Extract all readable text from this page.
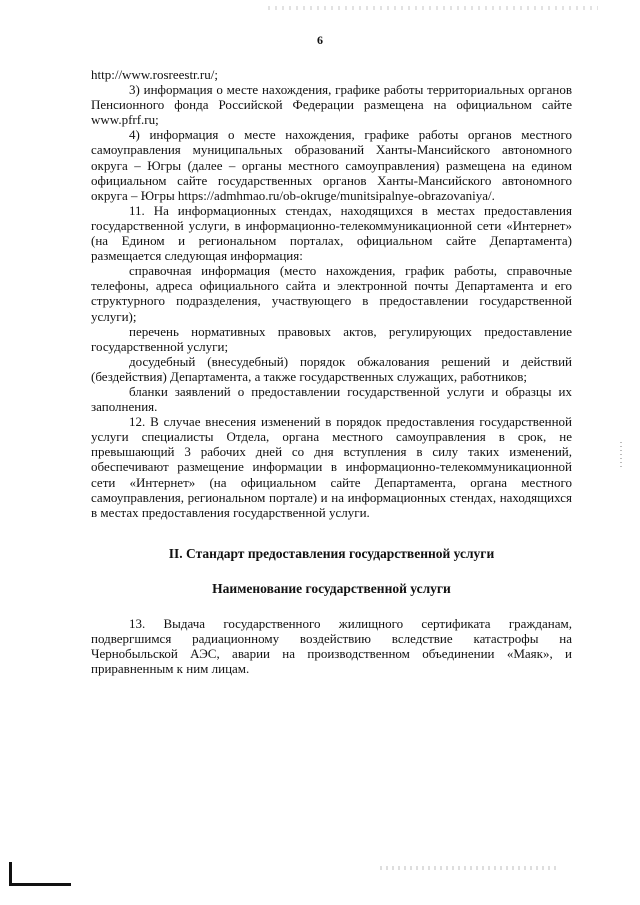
6

http://www.rosreestr.ru/;

3) информация о месте нахождения, графике работы территориальных органов Пенсионного фонда Российской Федерации размещена на официальном сайте www.pfrf.ru;

4) информация о месте нахождения, графике работы органов местного самоуправления муниципальных образований Ханты-Мансийского автономного округа – Югры (далее – органы местного самоуправления) размещена на едином официальном сайте государственных органов Ханты-Мансийского автономного округа – Югры https://admhmao.ru/ob-okruge/munitsipalnye-obrazovaniya/.

11. На информационных стендах, находящихся в местах предоставления государственной услуги, в информационно-телекоммуникационной сети «Интернет» (на Едином и региональном порталах, официальном сайте Департамента) размещается следующая информация:

справочная информация (место нахождения, график работы, справочные телефоны, адреса официального сайта и электронной почты Департамента и его структурного подразделения, участвующего в предоставлении государственной услуги);

перечень нормативных правовых актов, регулирующих предоставление государственной услуги;

досудебный (внесудебный) порядок обжалования решений и действий (бездействия) Департамента, а также государственных служащих, работников;

бланки заявлений о предоставлении государственной услуги и образцы их заполнения.

12. В случае внесения изменений в порядок предоставления государственной услуги специалисты Отдела, органа местного самоуправления в срок, не превышающий 3 рабочих дней со дня вступления в силу таких изменений, обеспечивают размещение информации в информационно-телекоммуникационной сети «Интернет» (на официальном сайте Департамента, органа местного самоуправления, региональном портале) и на информационных стендах, находящихся в местах предоставления государственной услуги.

II. Стандарт предоставления государственной услуги

Наименование государственной услуги

13. Выдача государственного жилищного сертификата гражданам, подвергшимся радиационному воздействию вследствие катастрофы на Чернобыльской АЭС, аварии на производственном объединении «Маяк», и приравненным к ним лицам.
